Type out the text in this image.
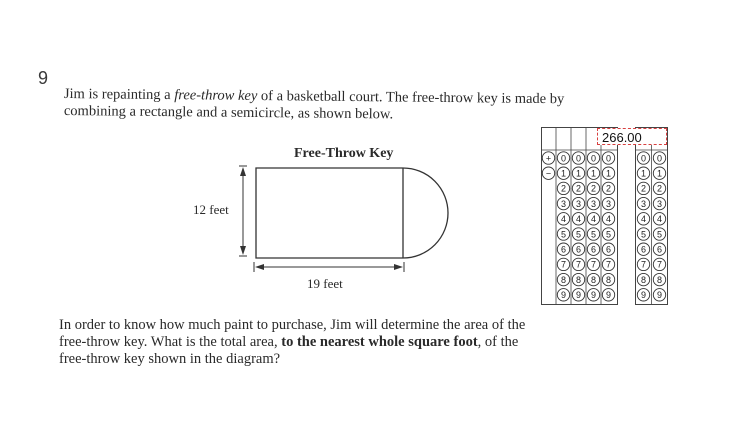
9

Jim is repainting a free-throw key of a basketball court. The free-throw key is made by

combining a rectangle and a semicircle, as shown below.

Free-Throw Key
12 feet
19 feet
+
−
0
1
2
3
4
5
6
7
8
9
0
1
2
3
4
5
6
7
8
9
0
1
2
3
4
5
6
7
8
9
0
1
2
3
4
5
6
7
8
9
0
1
2
3
4
5
6
7
8
9
0
1
2
3
4
5
6
7
8
9
266.00

In order to know how much paint to purchase, Jim will determine the area of the

free-throw key. What is the total area, to the nearest whole square foot, of the

free-throw key shown in the diagram?
